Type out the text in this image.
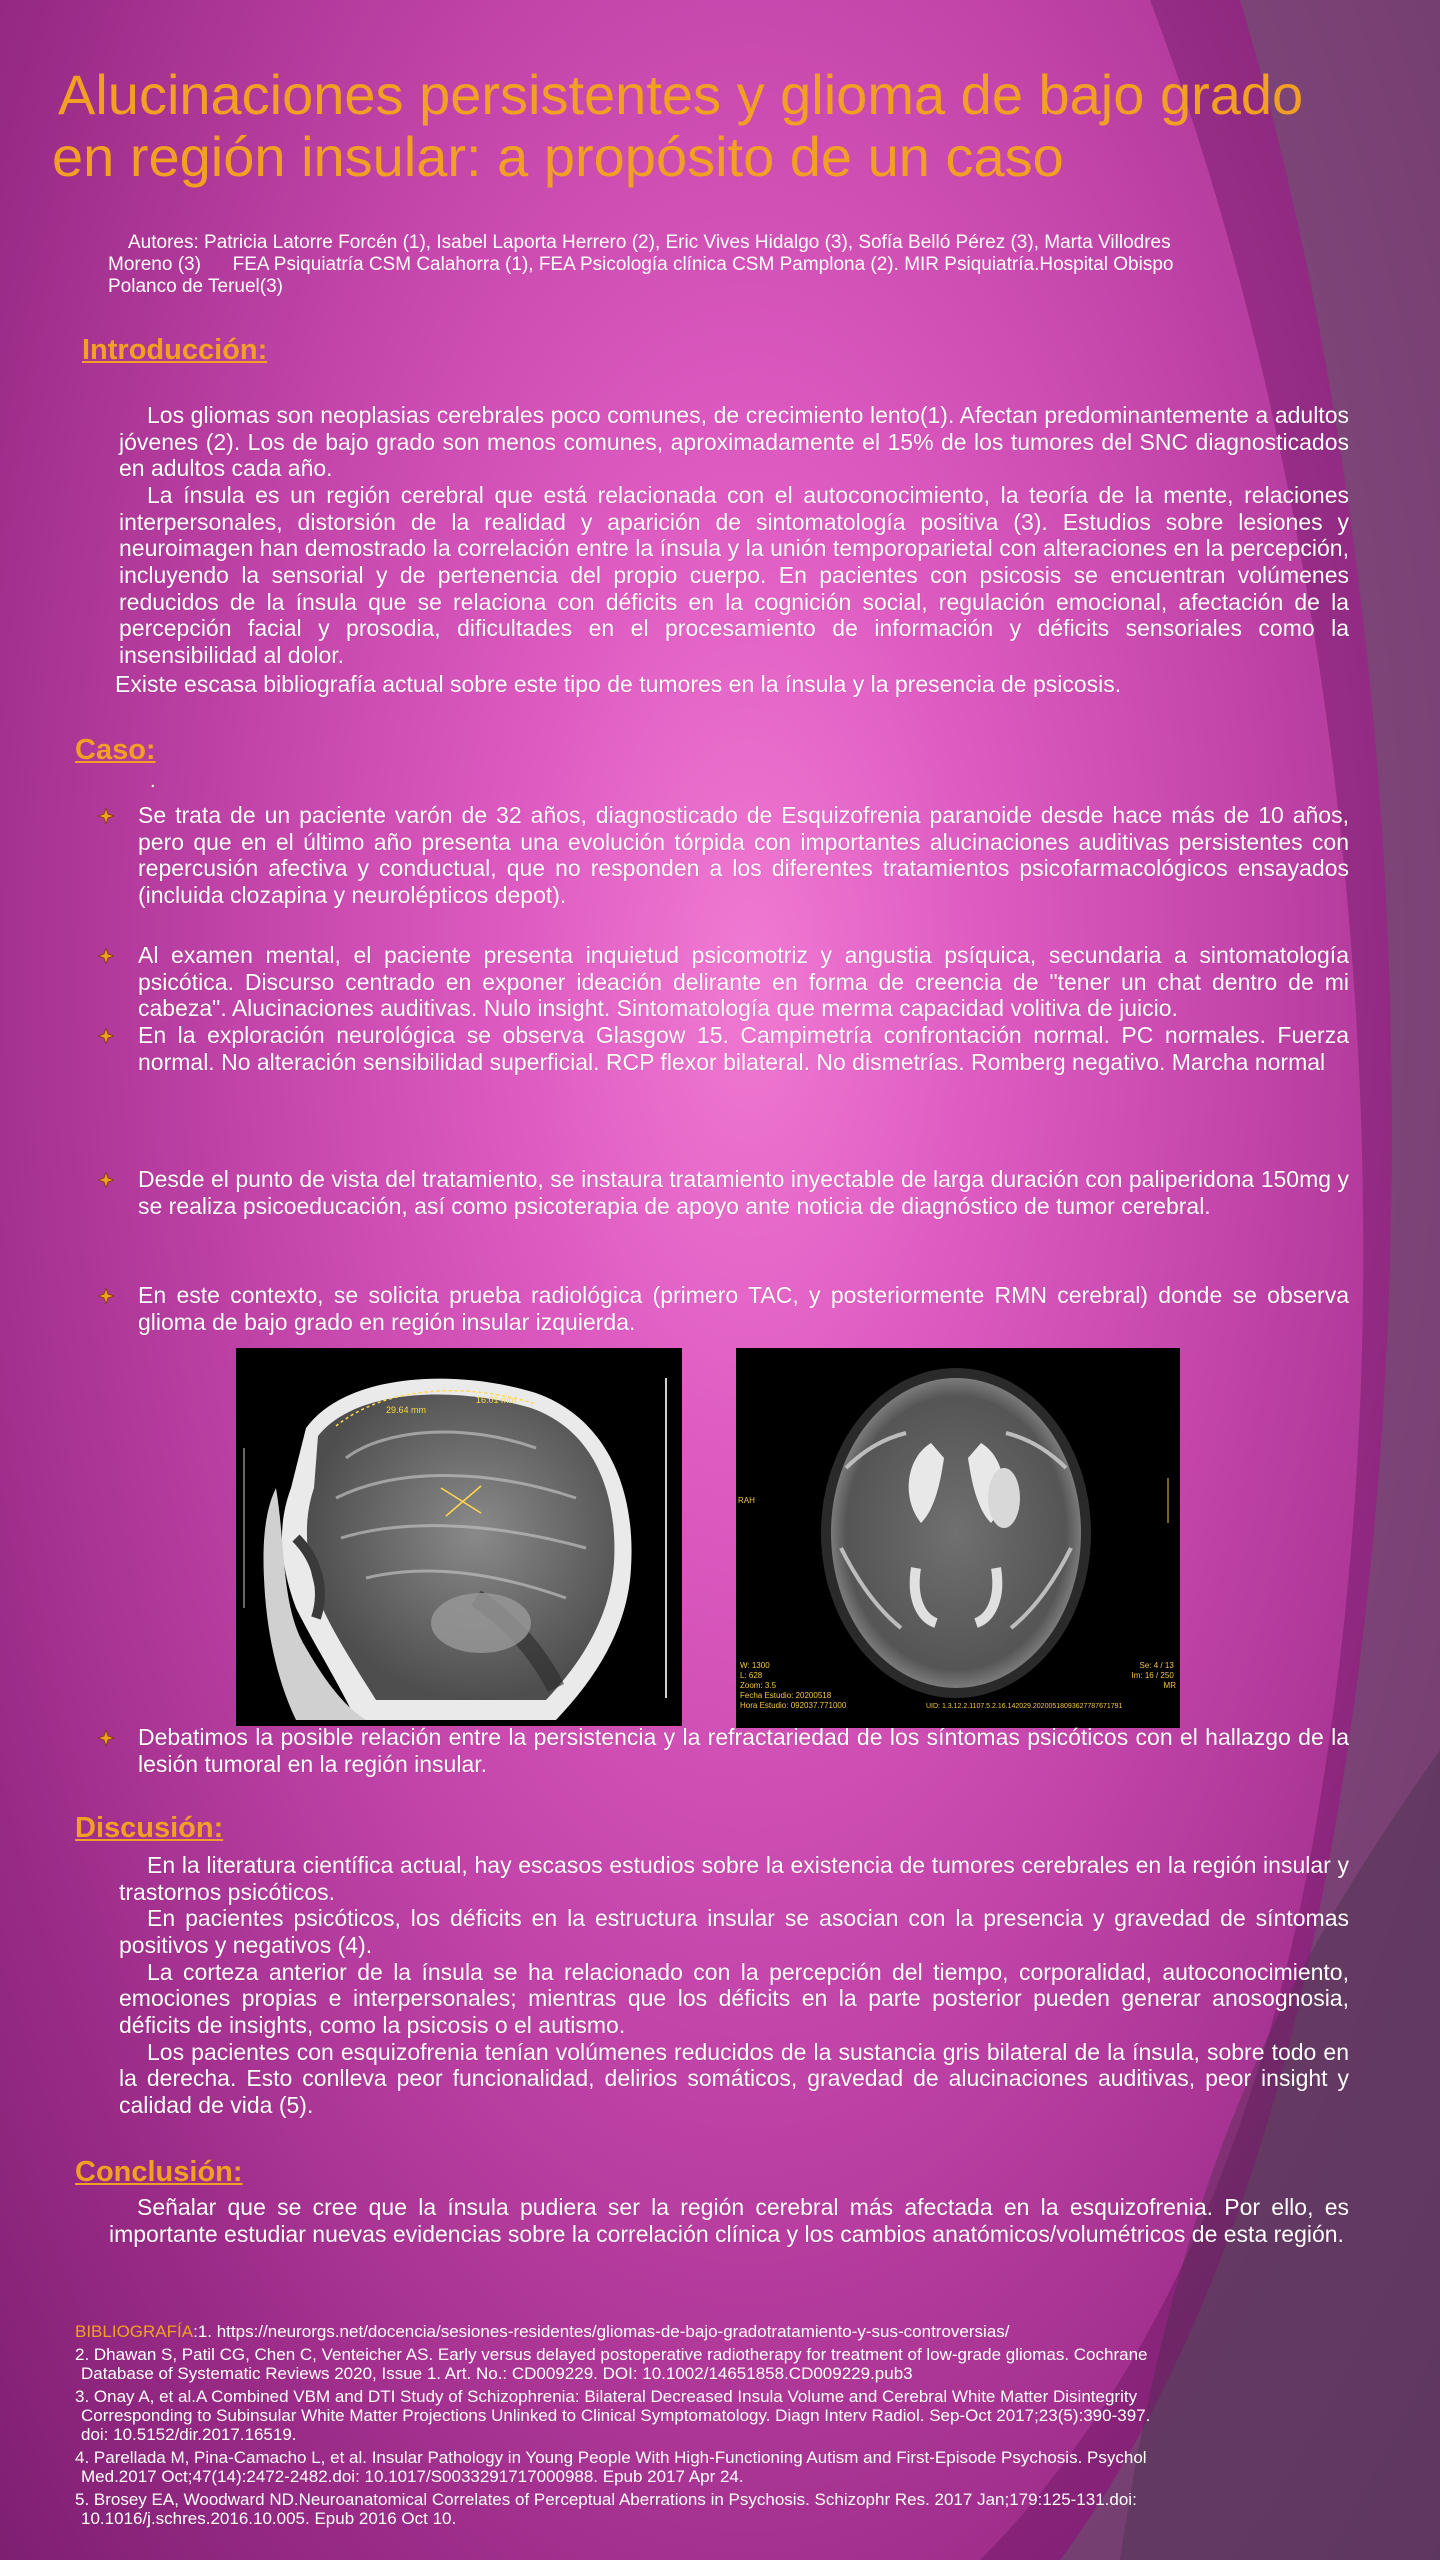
Alucinaciones persistentes y glioma de bajo grado
en región insular: a propósito de un caso
Autores: Patricia Latorre Forcén (1), Isabel Laporta Herrero (2), Eric Vives Hidalgo (3), Sofía Belló Pérez (3), Marta Villodres
Moreno (3) FEA Psiquiatría CSM Calahorra (1), FEA Psicología clínica CSM Pamplona (2). MIR Psiquiatría.Hospital Obispo
Polanco de Teruel(3)
Introducción:

Los gliomas son neoplasias cerebrales poco comunes, de crecimiento lento(1). Afectan predominantemente a adultos jóvenes (2). Los de bajo grado son menos comunes, aproximadamente el 15% de los tumores del SNC diagnosticados en adultos cada año.

La ínsula es un región cerebral que está relacionada con el autoconocimiento, la teoría de la mente, relaciones interpersonales, distorsión de la realidad y aparición de sintomatología positiva (3). Estudios sobre lesiones y neuroimagen han demostrado la correlación entre la ínsula y la unión temporoparietal con alteraciones en la percepción, incluyendo la sensorial y de pertenencia del propio cuerpo. En pacientes con psicosis se encuentran volúmenes reducidos de la ínsula que se relaciona con déficits en la cognición social, regulación emocional, afectación de la percepción facial y prosodia, dificultades en el procesamiento de información y déficits sensoriales como la insensibilidad al dolor.

Existe escasa bibliografía actual sobre este tipo de tumores en la ínsula y la presencia de psicosis.

Caso:
.
Se trata de un paciente varón de 32 años, diagnosticado de Esquizofrenia paranoide desde hace más de 10 años, pero que en el último año presenta una evolución tórpida con importantes alucinaciones auditivas persistentes con repercusión afectiva y conductual, que no responden a los diferentes tratamientos psicofarmacológicos ensayados (incluida clozapina y neurolépticos depot).
Al examen mental, el paciente presenta inquietud psicomotriz y angustia psíquica, secundaria a sintomatología psicótica. Discurso centrado en exponer ideación delirante en forma de creencia de "tener un chat dentro de mi cabeza". Alucinaciones auditivas. Nulo insight. Sintomatología que merma capacidad volitiva de juicio.
En la exploración neurológica se observa Glasgow 15. Campimetría confrontación normal. PC normales. Fuerza normal. No alteración sensibilidad superficial. RCP flexor bilateral. No dismetrías. Romberg negativo. Marcha normal
Desde el punto de vista del tratamiento, se instaura tratamiento inyectable de larga duración con paliperidona 150mg y se realiza psicoeducación, así como psicoterapia de apoyo ante noticia de diagnóstico de tumor cerebral.
En este contexto, se solicita prueba radiológica (primero TAC, y posteriormente RMN cerebral) donde se observa glioma de bajo grado en región insular izquierda.
29.64 mm
16.01 mm
RAH
W: 1300 L: 628 Zoom: 3.5 Fecha Estudio: 20200518 Hora Estudio: 092037.771000
Se: 4 / 13 Im: 16 / 250 MR
UID: 1.3.12.2.1107.5.2.16.142029.20200518093627787671791
Debatimos la posible relación entre la persistencia y la refractariedad de los síntomas psicóticos con el hallazgo de la lesión tumoral en la región insular.
Discusión:

En la literatura científica actual, hay escasos estudios sobre la existencia de tumores cerebrales en la región insular y trastornos psicóticos.

En pacientes psicóticos, los déficits en la estructura insular se asocian con la presencia y gravedad de síntomas positivos y negativos (4).

La corteza anterior de la ínsula se ha relacionado con la percepción del tiempo, corporalidad, autoconocimiento, emociones propias e interpersonales; mientras que los déficits en la parte posterior pueden generar anosognosia, déficits de insights, como la psicosis o el autismo.

Los pacientes con esquizofrenia tenían volúmenes reducidos de la sustancia gris bilateral de la ínsula, sobre todo en la derecha. Esto conlleva peor funcionalidad, delirios somáticos, gravedad de alucinaciones auditivas, peor insight y calidad de vida (5).

Conclusión:

Señalar que se cree que la ínsula pudiera ser la región cerebral más afectada en la esquizofrenia. Por ello, es importante estudiar nuevas evidencias sobre la correlación clínica y los cambios anatómicos/volumétricos de esta región.

BIBLIOGRAFÍA:1. https://neurorgs.net/docencia/sesiones-residentes/gliomas-de-bajo-gradotratamiento-y-sus-controversias/

2. Dhawan S, Patil CG, Chen C, Venteicher AS. Early versus delayed postoperative radiotherapy for treatment of low-grade gliomas. Cochrane
Database of Systematic Reviews 2020, Issue 1. Art. No.: CD009229. DOI: 10.1002/14651858.CD009229.pub3

3. Onay A, et al.A Combined VBM and DTI Study of Schizophrenia: Bilateral Decreased Insula Volume and Cerebral White Matter Disintegrity
Corresponding to Subinsular White Matter Projections Unlinked to Clinical Symptomatology. Diagn Interv Radiol. Sep-Oct 2017;23(5):390-397.
doi: 10.5152/dir.2017.16519.

4. Parellada M, Pina-Camacho L, et al. Insular Pathology in Young People With High-Functioning Autism and First-Episode Psychosis. Psychol
Med.2017 Oct;47(14):2472-2482.doi: 10.1017/S0033291717000988. Epub 2017 Apr 24.

5. Brosey EA, Woodward ND.Neuroanatomical Correlates of Perceptual Aberrations in Psychosis. Schizophr Res. 2017 Jan;179:125-131.doi:
10.1016/j.schres.2016.10.005. Epub 2016 Oct 10.
